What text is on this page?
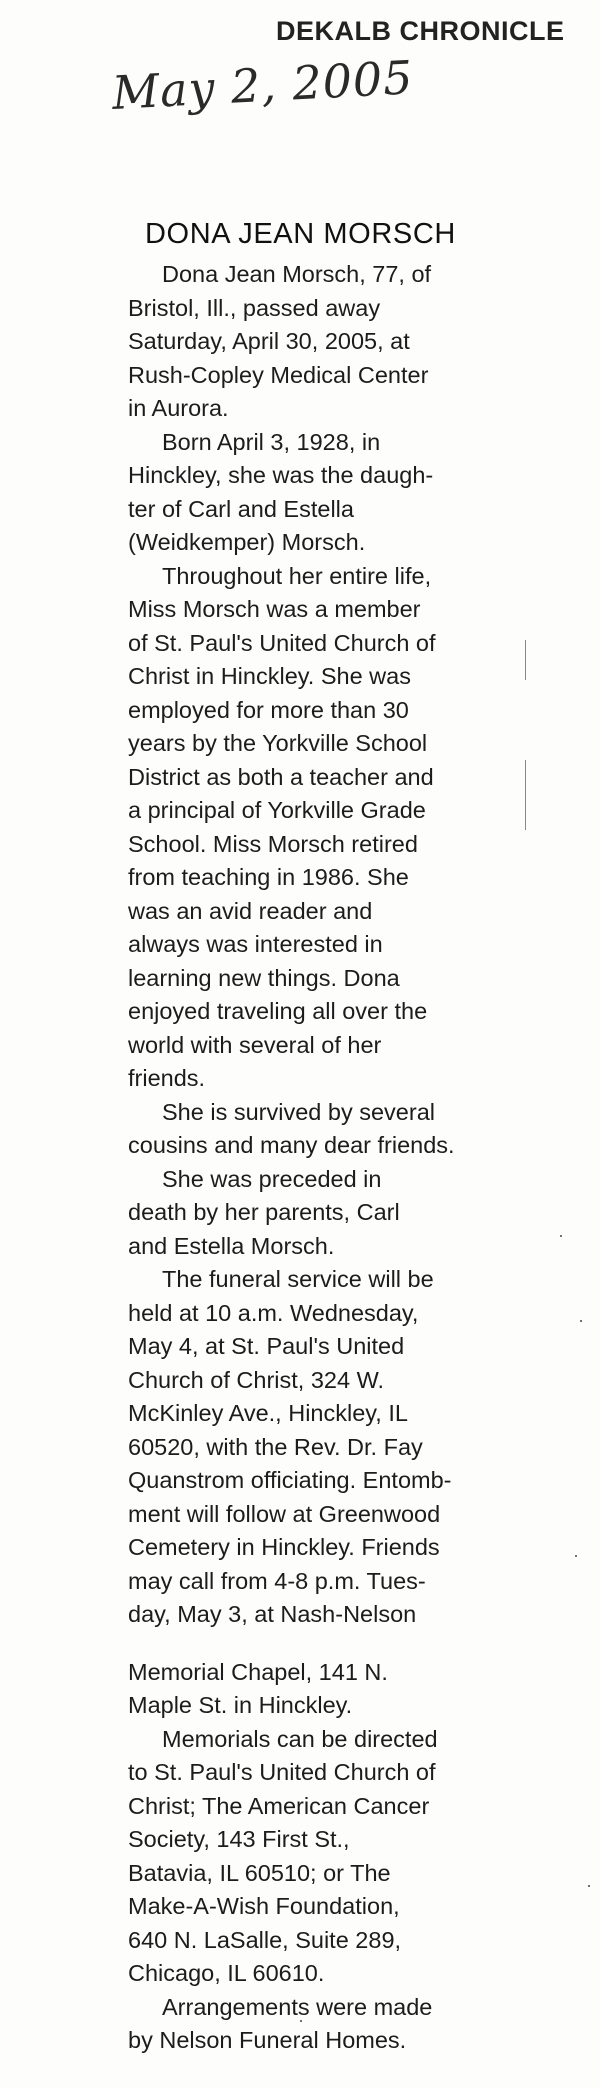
DEKALB CHRONICLE
May 2, 2005
DONA JEAN MORSCH

Dona Jean Morsch, 77, of
Bristol, Ill., passed away
Saturday, April 30, 2005, at
Rush-Copley Medical Center
in Aurora.

Born April 3, 1928, in
Hinckley, she was the daugh-
ter of Carl and Estella
(Weidkemper) Morsch.

Throughout her entire life,
Miss Morsch was a member
of St. Paul's United Church of
Christ in Hinckley. She was
employed for more than 30
years by the Yorkville School
District as both a teacher and
a principal of Yorkville Grade
School. Miss Morsch retired
from teaching in 1986. She
was an avid reader and
always was interested in
learning new things. Dona
enjoyed traveling all over the
world with several of her
friends.

She is survived by several
cousins and many dear friends.

She was preceded in
death by her parents, Carl
and Estella Morsch.

The funeral service will be
held at 10 a.m. Wednesday,
May 4, at St. Paul's United
Church of Christ, 324 W.
McKinley Ave., Hinckley, IL
60520, with the Rev. Dr. Fay
Quanstrom officiating. Entomb-
ment will follow at Greenwood
Cemetery in Hinckley. Friends
may call from 4-8 p.m. Tues-
day, May 3, at Nash-Nelson

Memorial Chapel, 141 N.
Maple St. in Hinckley.

Memorials can be directed
to St. Paul's United Church of
Christ; The American Cancer
Society, 143 First St.,
Batavia, IL 60510; or The
Make-A-Wish Foundation,
640 N. LaSalle, Suite 289,
Chicago, IL 60610.

Arrangements were made
by Nelson Funeral Homes.
